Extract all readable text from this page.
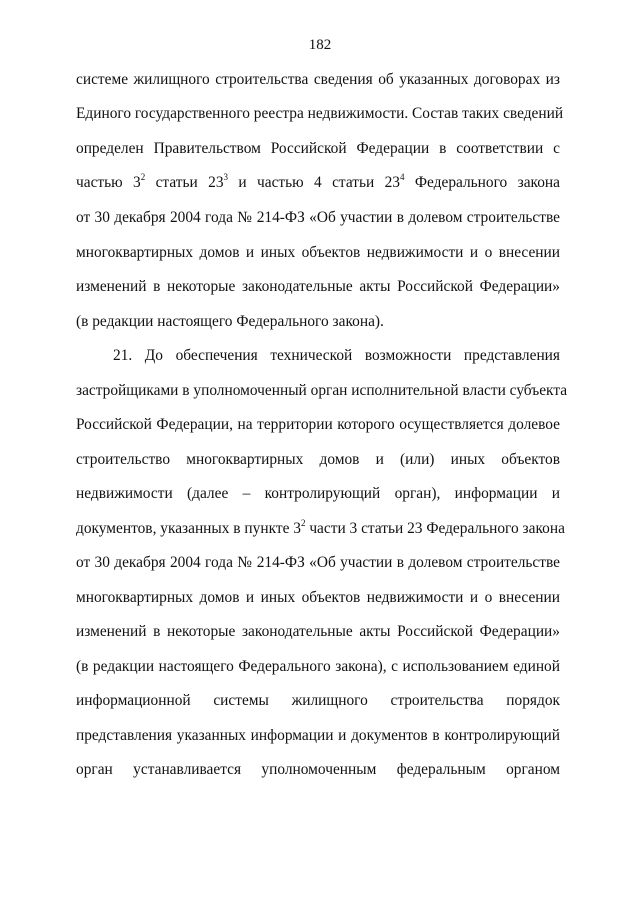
182
системе жилищного строительства сведения об указанных договорах из
Единого государственного реестра недвижимости. Состав таких сведений
определен Правительством Российской Федерации в соответствии с
частью $3^2$ статьи $23^3$ и частью 4 статьи $23^4$ Федерального закона
от 30 декабря 2004 года № 214-ФЗ «Об участии в долевом строительстве
многоквартирных домов и иных объектов недвижимости и о внесении
изменений в некоторые законодательные акты Российской Федерации»
(в редакции настоящего Федерального закона).
21. До обеспечения технической возможности представления
застройщиками в уполномоченный орган исполнительной власти субъекта
Российской Федерации, на территории которого осуществляется долевое
строительство многоквартирных домов и (или) иных объектов
недвижимости (далее – контролирующий орган), информации и
документов, указанных в пункте $3^2$ части 3 статьи 23 Федерального закона
от 30 декабря 2004 года № 214-ФЗ «Об участии в долевом строительстве
многоквартирных домов и иных объектов недвижимости и о внесении
изменений в некоторые законодательные акты Российской Федерации»
(в редакции настоящего Федерального закона), с использованием единой
информационной системы жилищного строительства порядок
представления указанных информации и документов в контролирующий
орган устанавливается уполномоченным федеральным органом
